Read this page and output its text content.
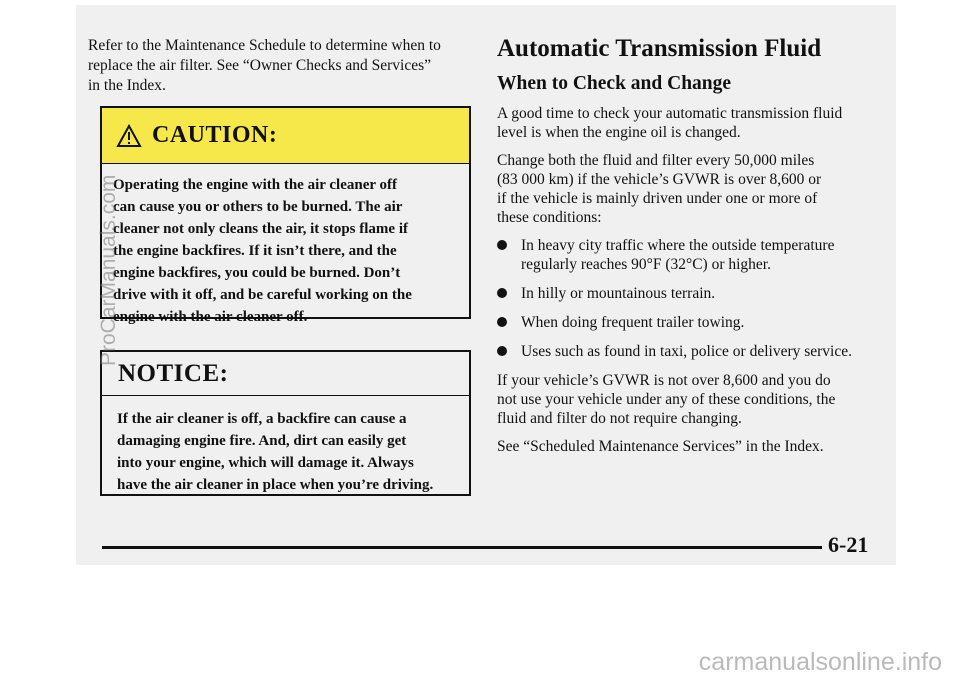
Refer to the Maintenance Schedule to determine when to
replace the air filter. See “Owner Checks and Services”
in the Index.
CAUTION:
Operating the engine with the air cleaner off
can cause you or others to be burned. The air
cleaner not only cleans the air, it stops flame if
the engine backfires. If it isn’t there, and the
engine backfires, you could be burned. Don’t
drive with it off, and be careful working on the
engine with the air cleaner off.
NOTICE:
If the air cleaner is off, a backfire can cause a
damaging engine fire. And, dirt can easily get
into your engine, which will damage it. Always
have the air cleaner in place when you’re driving.
Automatic Transmission Fluid
When to Check and Change
A good time to check your automatic transmission fluid
level is when the engine oil is changed.
Change both the fluid and filter every 50,000 miles
(83 000 km) if the vehicle’s GVWR is over 8,600 or
if the vehicle is mainly driven under one or more of
these conditions:
In heavy city traffic where the outside temperature
regularly reaches 90°F (32°C) or higher.
In hilly or mountainous terrain.
When doing frequent trailer towing.
Uses such as found in taxi, police or delivery service.
If your vehicle’s GVWR is not over 8,600 and you do
not use your vehicle under any of these conditions, the
fluid and filter do not require changing.
See “Scheduled Maintenance Services” in the Index.
6-21
ProCarManuals.com
carmanualsonline.info
